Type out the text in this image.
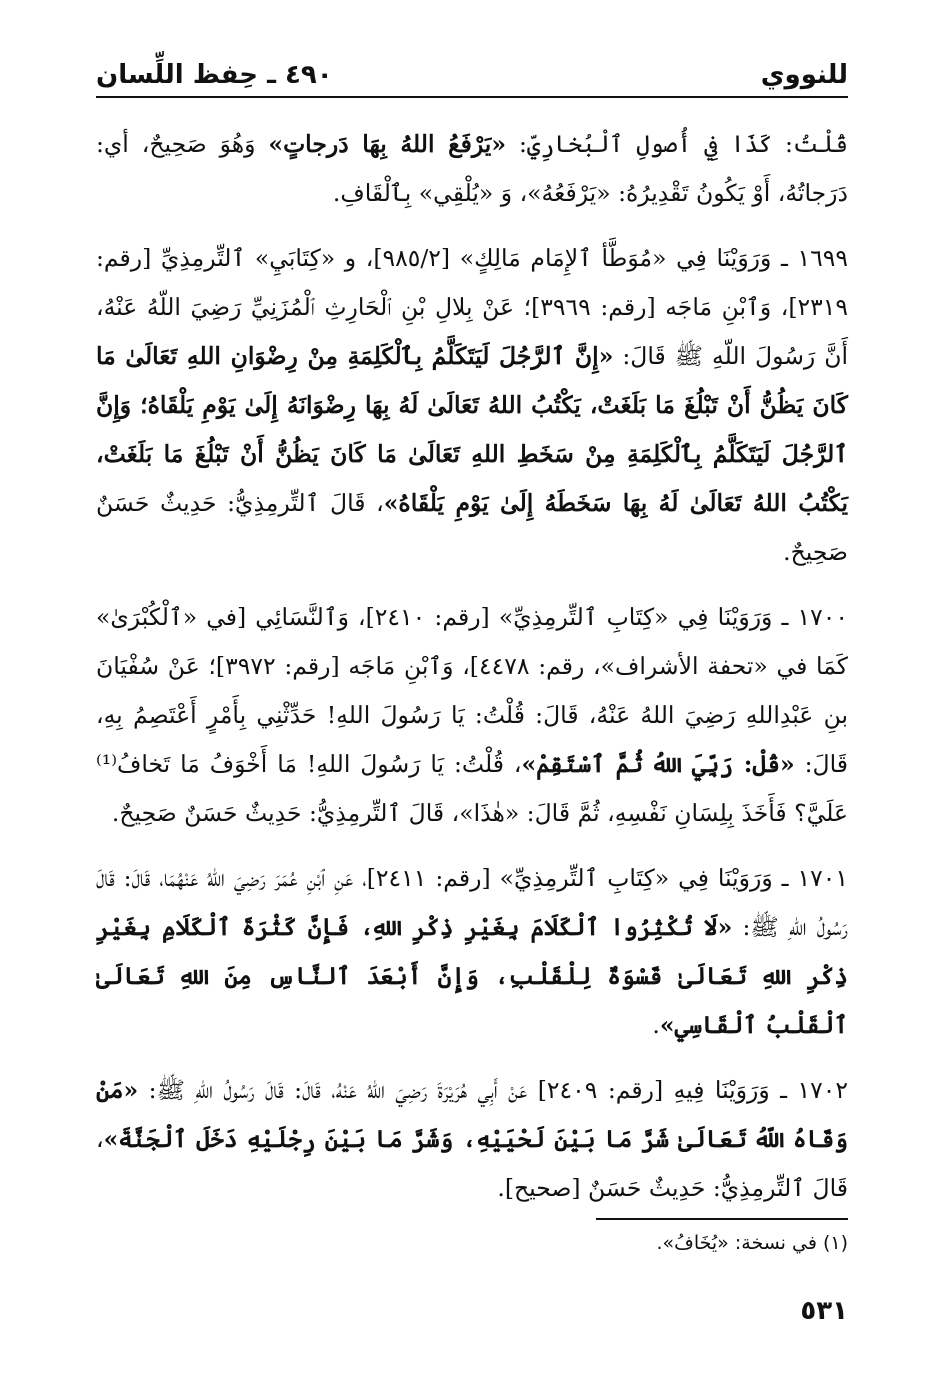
للنووي
٤٩٠ ـ حِفظ اللِّسان

قُلْتُ: كَذَا فِي أُصولِ ٱلْبُخارِيِّ: «يَرْفَعُ اللهُ بِهَا دَرجاتٍ» وَهُوَ صَحِيحٌ، أي: دَرَجاتُهُ، أَوْ يَكُونُ تَقْدِيرُهُ: «يَرْفَعُهُ»، وَ «يُلْقِي» بِٱلْقَافِ.

١٦٩٩ ـ وَرَوَيْنَا فِي «مُوَطَّأ ٱلإِمَام مَالِكٍ» [٩٨٥/٢]، و «كِتَابَيِ» ٱلتِّرمِذِيِّ [رقم: ٢٣١٩]، وَٱبْنِ مَاجَه [رقم: ٣٩٦٩]؛ عَنْ بِلالِ بْنِ ٱلْحَارِثِ ٱلْمُزَنِيِّ رَضِيَ اللّهُ عَنْهُ، أَنَّ رَسُولَ اللّهِ ﷺ قَالَ: «إِنَّ ٱلرَّجُلَ لَيَتَكَلَّمُ بِٱلْكَلِمَةِ مِنْ رِضْوَانِ اللهِ تَعَالَىٰ مَا كَانَ يَظُنُّ أَنْ تَبْلُغَ مَا بَلَغَتْ، يَكْتُبُ اللهُ تَعَالَىٰ لَهُ بِهَا رِضْوَانَهُ إِلَىٰ يَوْمِ يَلْقَاهُ؛ وَإِنَّ ٱلرَّجُلَ لَيَتَكَلَّمُ بِٱلْكَلِمَةِ مِنْ سَخَطِ اللهِ تَعَالَىٰ مَا كَانَ يَظُنُّ أَنْ تَبْلُغَ مَا بَلَغَتْ، يَكْتُبُ اللهُ تَعَالَىٰ لَهُ بِهَا سَخَطَهُ إِلَىٰ يَوْمِ يَلْقَاهُ»، قَالَ ٱلتِّرمِذِيُّ: حَدِيثٌ حَسَنٌ صَحِيحٌ.

١٧٠٠ ـ وَرَوَيْنَا فِي «كِتَابِ ٱلتِّرمِذِيِّ» [رقم: ٢٤١٠]، وَٱلنَّسَائِي [في «ٱلْكُبْرَىٰ» كَمَا في «تحفة الأشراف»، رقم: ٤٤٧٨]، وَٱبْنِ مَاجَه [رقم: ٣٩٧٢]؛ عَنْ سُفْيَانَ بنِ عَبْدِاللهِ رَضِيَ اللهُ عَنْهُ، قَالَ: قُلْتُ: يَا رَسُولَ اللهِ! حَدِّثْنِي بِأَمْرٍ أَعْتَصِمُ بِهِ، قَالَ: «قُلْ: رَبِّيَ اللهُ ثُمَّ ٱسْتَقِمْ»، قُلْتُ: يَا رَسُولَ اللهِ! مَا أَخْوَفُ مَا تَخافُ⁽¹⁾ عَلَيَّ؟ فَأَخَذَ بِلِسَانِ نَفْسِهِ، ثُمَّ قَالَ: «هٰذَا»، قَالَ ٱلتِّرمِذِيُّ: حَدِيثٌ حَسَنٌ صَحِيحٌ.

١٧٠١ ـ وَرَوَيْنَا فِي «كِتَابِ ٱلتِّرمِذِيِّ» [رقم: ٢٤١١]، عَنِ ٱبْنِ عُمَرَ رَضِيَ اللّهُ عَنْهُمَا، قَالَ: قَالَ رَسُولُ اللّهِ ﷺ: «لَا تُكْثِرُوا ٱلْكَلَامَ بِغَيْرِ ذِكْرِ اللهِ، فَإِنَّ كَثْرَةَ ٱلْكَلَامِ بِغَيْرِ ذِكْرِ اللهِ تَعَالَىٰ قَسْوَةٌ لِلْقَلْبِ، وَإِنَّ أَبْعَدَ ٱلنَّاسِ مِنَ اللهِ تَعَالَىٰ ٱلْقَلْبُ ٱلْقَاسِي».

١٧٠٢ ـ وَرَوَيْنَا فِيهِ [رقم: ٢٤٠٩] عَنْ أَبِي هُرَيْرَةَ رَضِيَ اللهُ عَنْهُ، قَالَ: قَالَ رَسُولُ اللّهِ ﷺ: «مَنْ وَقَاهُ اللّهُ تَعَالَىٰ شَرَّ مَا بَيْنَ لَحْيَيْهِ، وَشَرَّ مَا بَيْنَ رِجْلَيْهِ دَخَلَ ٱلْجَنَّةَ»، قَالَ ٱلتِّرمِذِيُّ: حَدِيثٌ حَسَنٌ [صحيح].

(١) في نسخة: «يُخَافُ».
٥٣١
